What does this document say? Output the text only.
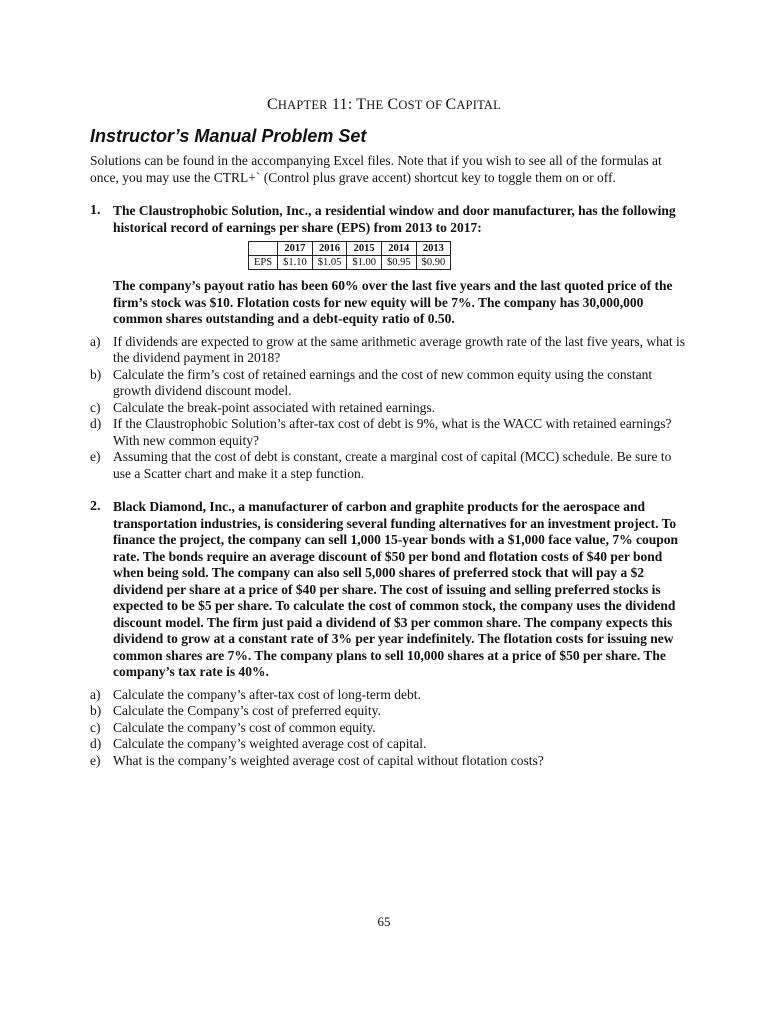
CHAPTER 11: THE COST OF CAPITAL
Instructor’s Manual Problem Set
Solutions can be found in the accompanying Excel files. Note that if you wish to see all of the formulas at once, you may use the CTRL+` (Control plus grave accent) shortcut key to toggle them on or off.
1. The Claustrophobic Solution, Inc., a residential window and door manufacturer, has the following historical record of earnings per share (EPS) from 2013 to 2017:
	2017	2016	2015	2014	2013
EPS	$1.10	$1.05	$1.00	$0.95	$0.90
The company’s payout ratio has been 60% over the last five years and the last quoted price of the firm’s stock was $10. Flotation costs for new equity will be 7%. The company has 30,000,000 common shares outstanding and a debt-equity ratio of 0.50.
a) If dividends are expected to grow at the same arithmetic average growth rate of the last five years, what is the dividend payment in 2018?
b) Calculate the firm’s cost of retained earnings and the cost of new common equity using the constant growth dividend discount model.
c) Calculate the break-point associated with retained earnings.
d) If the Claustrophobic Solution’s after-tax cost of debt is 9%, what is the WACC with retained earnings? With new common equity?
e) Assuming that the cost of debt is constant, create a marginal cost of capital (MCC) schedule. Be sure to use a Scatter chart and make it a step function.
2. Black Diamond, Inc., a manufacturer of carbon and graphite products for the aerospace and transportation industries, is considering several funding alternatives for an investment project. To finance the project, the company can sell 1,000 15-year bonds with a $1,000 face value, 7% coupon rate. The bonds require an average discount of $50 per bond and flotation costs of $40 per bond when being sold. The company can also sell 5,000 shares of preferred stock that will pay a $2 dividend per share at a price of $40 per share. The cost of issuing and selling preferred stocks is expected to be $5 per share. To calculate the cost of common stock, the company uses the dividend discount model. The firm just paid a dividend of $3 per common share. The company expects this dividend to grow at a constant rate of 3% per year indefinitely. The flotation costs for issuing new common shares are 7%. The company plans to sell 10,000 shares at a price of $50 per share. The company’s tax rate is 40%.
a) Calculate the company’s after-tax cost of long-term debt.
b) Calculate the Company’s cost of preferred equity.
c) Calculate the company’s cost of common equity.
d) Calculate the company’s weighted average cost of capital.
e) What is the company’s weighted average cost of capital without flotation costs?
65
